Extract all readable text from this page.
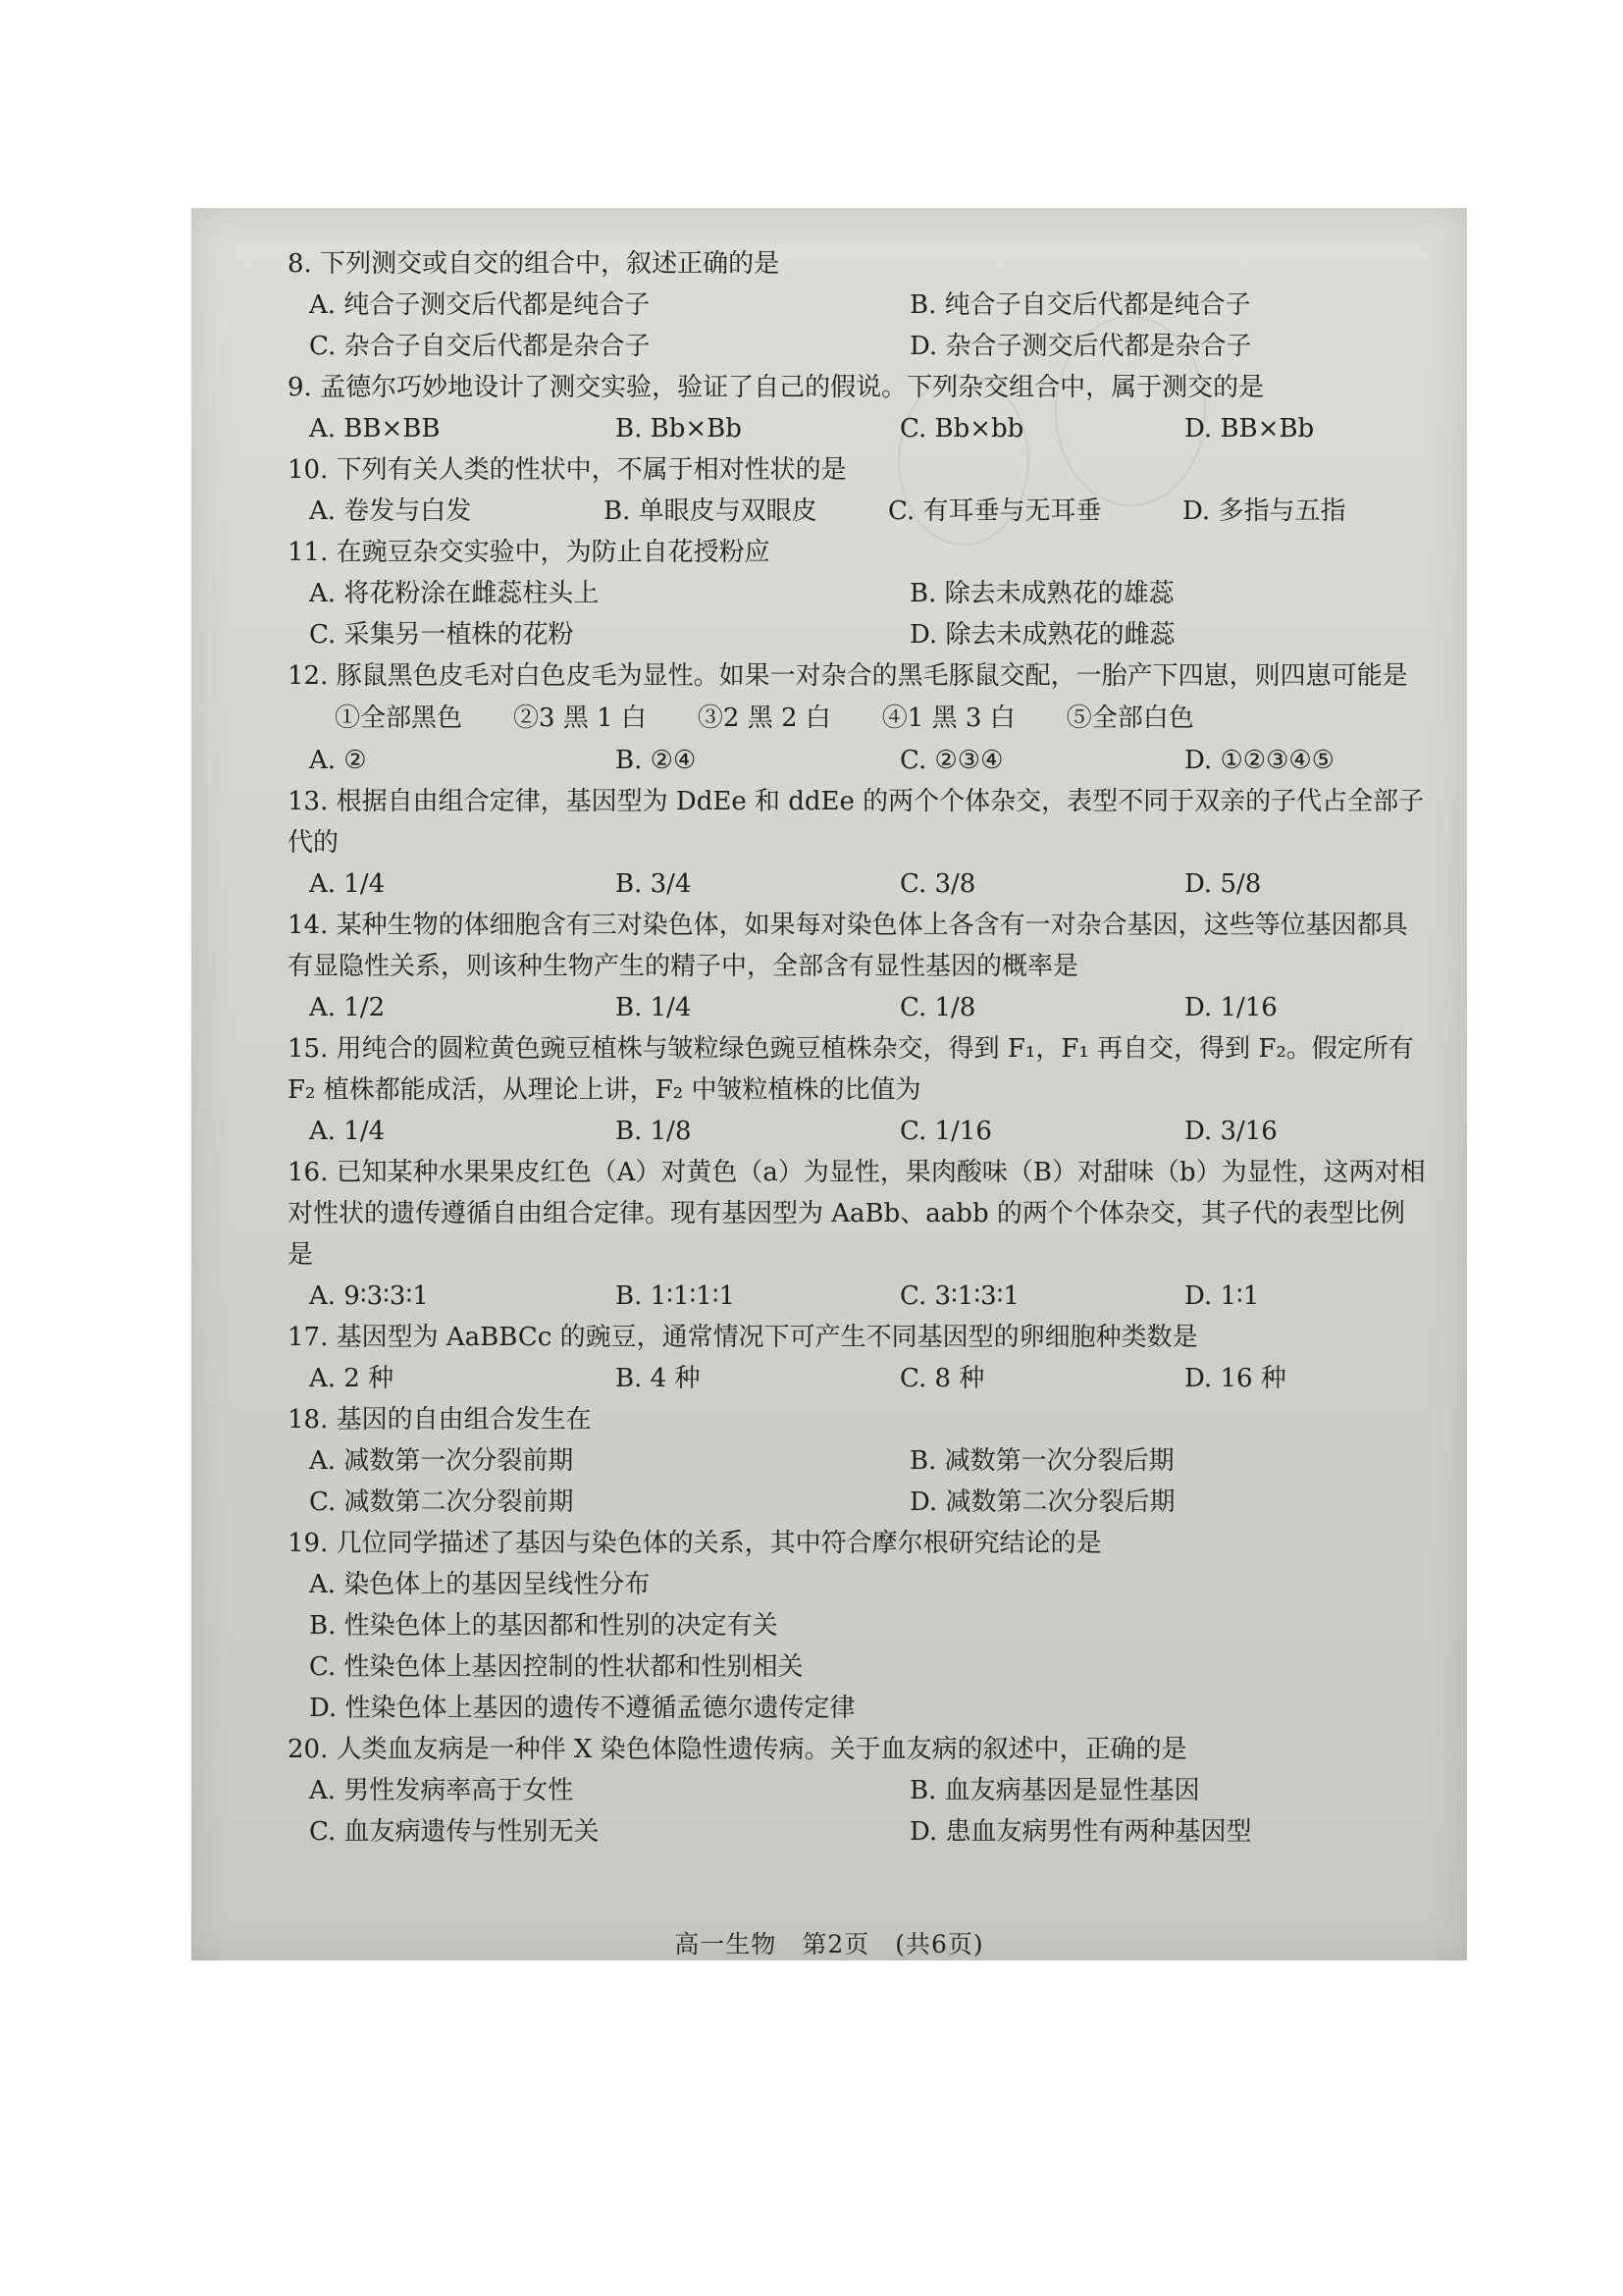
8. 下列测交或自交的组合中，叙述正确的是

A. 纯合子测交后代都是纯合子	B. 纯合子自交后代都是纯合子
C. 杂合子自交后代都是杂合子	D. 杂合子测交后代都是杂合子

9. 孟德尔巧妙地设计了测交实验，验证了自己的假说。下列杂交组合中，属于测交的是

A. BB×BB	B. Bb×Bb	C. Bb×bb	D. BB×Bb

10. 下列有关人类的性状中，不属于相对性状的是

A. 卷发与白发	B. 单眼皮与双眼皮	C. 有耳垂与无耳垂	D. 多指与五指

11. 在豌豆杂交实验中，为防止自花授粉应

A. 将花粉涂在雌蕊柱头上	B. 除去未成熟花的雄蕊
C. 采集另一植株的花粉	D. 除去未成熟花的雌蕊

12. 豚鼠黑色皮毛对白色皮毛为显性。如果一对杂合的黑毛豚鼠交配，一胎产下四崽，则四崽可能是

①全部黑色 ②3 黑 1 白 ③2 黑 2 白 ④1 黑 3 白 ⑤全部白色
A. ②	B. ②④	C. ②③④	D. ①②③④⑤

13. 根据自由组合定律，基因型为 DdEe 和 ddEe 的两个个体杂交，表型不同于双亲的子代占全部子代的

A. 1/4	B. 3/4	C. 3/8	D. 5/8

14. 某种生物的体细胞含有三对染色体，如果每对染色体上各含有一对杂合基因，这些等位基因都具有显隐性关系，则该种生物产生的精子中，全部含有显性基因的概率是

A. 1/2	B. 1/4	C. 1/8	D. 1/16

15. 用纯合的圆粒黄色豌豆植株与皱粒绿色豌豆植株杂交，得到 F₁，F₁ 再自交，得到 F₂。假定所有 F₂ 植株都能成活，从理论上讲，F₂ 中皱粒植株的比值为

A. 1/4	B. 1/8	C. 1/16	D. 3/16

16. 已知某种水果果皮红色（A）对黄色（a）为显性，果肉酸味（B）对甜味（b）为显性，这两对相对性状的遗传遵循自由组合定律。现有基因型为 AaBb、aabb 的两个个体杂交，其子代的表型比例是

A. 9∶3∶3∶1	B. 1∶1∶1∶1	C. 3∶1∶3∶1	D. 1∶1

17. 基因型为 AaBBCc 的豌豆，通常情况下可产生不同基因型的卵细胞种类数是

A. 2 种	B. 4 种	C. 8 种	D. 16 种

18. 基因的自由组合发生在

A. 减数第一次分裂前期	B. 减数第一次分裂后期
C. 减数第二次分裂前期	D. 减数第二次分裂后期

19. 几位同学描述了基因与染色体的关系，其中符合摩尔根研究结论的是

A. 染色体上的基因呈线性分布
B. 性染色体上的基因都和性别的决定有关
C. 性染色体上基因控制的性状都和性别相关
D. 性染色体上基因的遗传不遵循孟德尔遗传定律

20. 人类血友病是一种伴 X 染色体隐性遗传病。关于血友病的叙述中，正确的是

A. 男性发病率高于女性	B. 血友病基因是显性基因
C. 血友病遗传与性别无关	D. 患血友病男性有两种基因型
高一生物　第2页　(共6页)
